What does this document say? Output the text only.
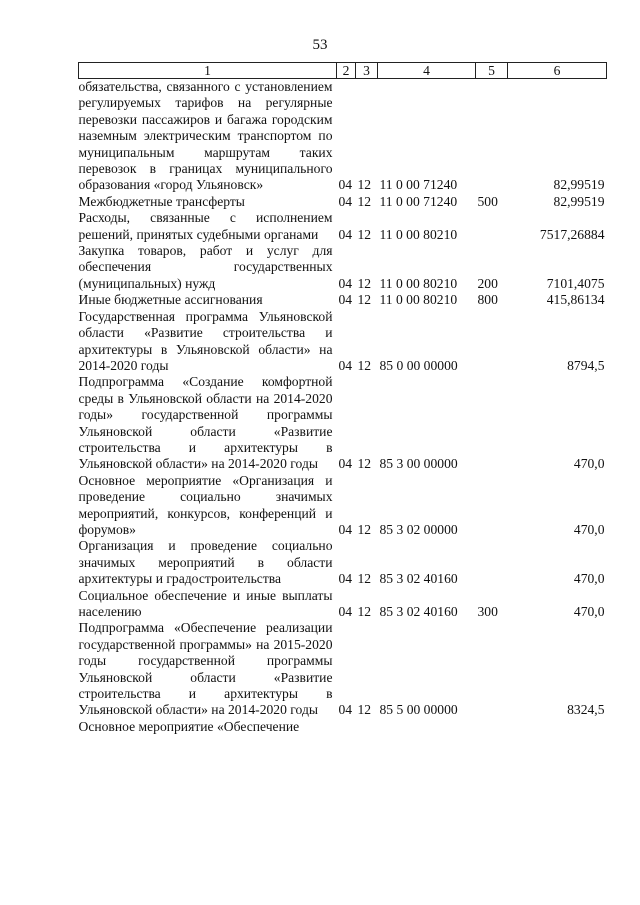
53
1	2	3	4	5	6
обязательства, связанного с установлением регулируемых тарифов на регулярные перевозки пассажиров и багажа городским наземным электрическим транспортом по муниципальным маршрутам таких перевозок в границах муниципального образования «город Ульяновск»	04	12	11 0 00 71240		82,99519
Межбюджетные трансферты	04	12	11 0 00 71240	500	82,99519
Расходы, связанные с исполнением решений, принятых судебными органами	04	12	11 0 00 80210		7517,26884
Закупка товаров, работ и услуг для обеспечения государственных (муниципальных) нужд	04	12	11 0 00 80210	200	7101,4075
Иные бюджетные ассигнования	04	12	11 0 00 80210	800	415,86134
Государственная программа Ульяновской области «Развитие строительства и архитектуры в Ульяновской области» на 2014-2020 годы	04	12	85 0 00 00000		8794,5
Подпрограмма «Создание комфортной среды в Ульяновской области на 2014-2020 годы» государственной программы Ульяновской области «Развитие строительства и архитектуры в Ульяновской области» на 2014-2020 годы	04	12	85 3 00 00000		470,0
Основное мероприятие «Организация и проведение социально значимых мероприятий, конкурсов, конференций и форумов»	04	12	85 3 02 00000		470,0
Организация и проведение социально значимых мероприятий в области архитектуры и градостроительства	04	12	85 3 02 40160		470,0
Социальное обеспечение и иные выплаты населению	04	12	85 3 02 40160	300	470,0
Подпрограмма «Обеспечение реализации государственной программы» на 2015-2020 годы государственной программы Ульяновской области «Развитие строительства и архитектуры в Ульяновской области» на 2014-2020 годы	04	12	85 5 00 00000		8324,5
Основное мероприятие «Обеспечение					
